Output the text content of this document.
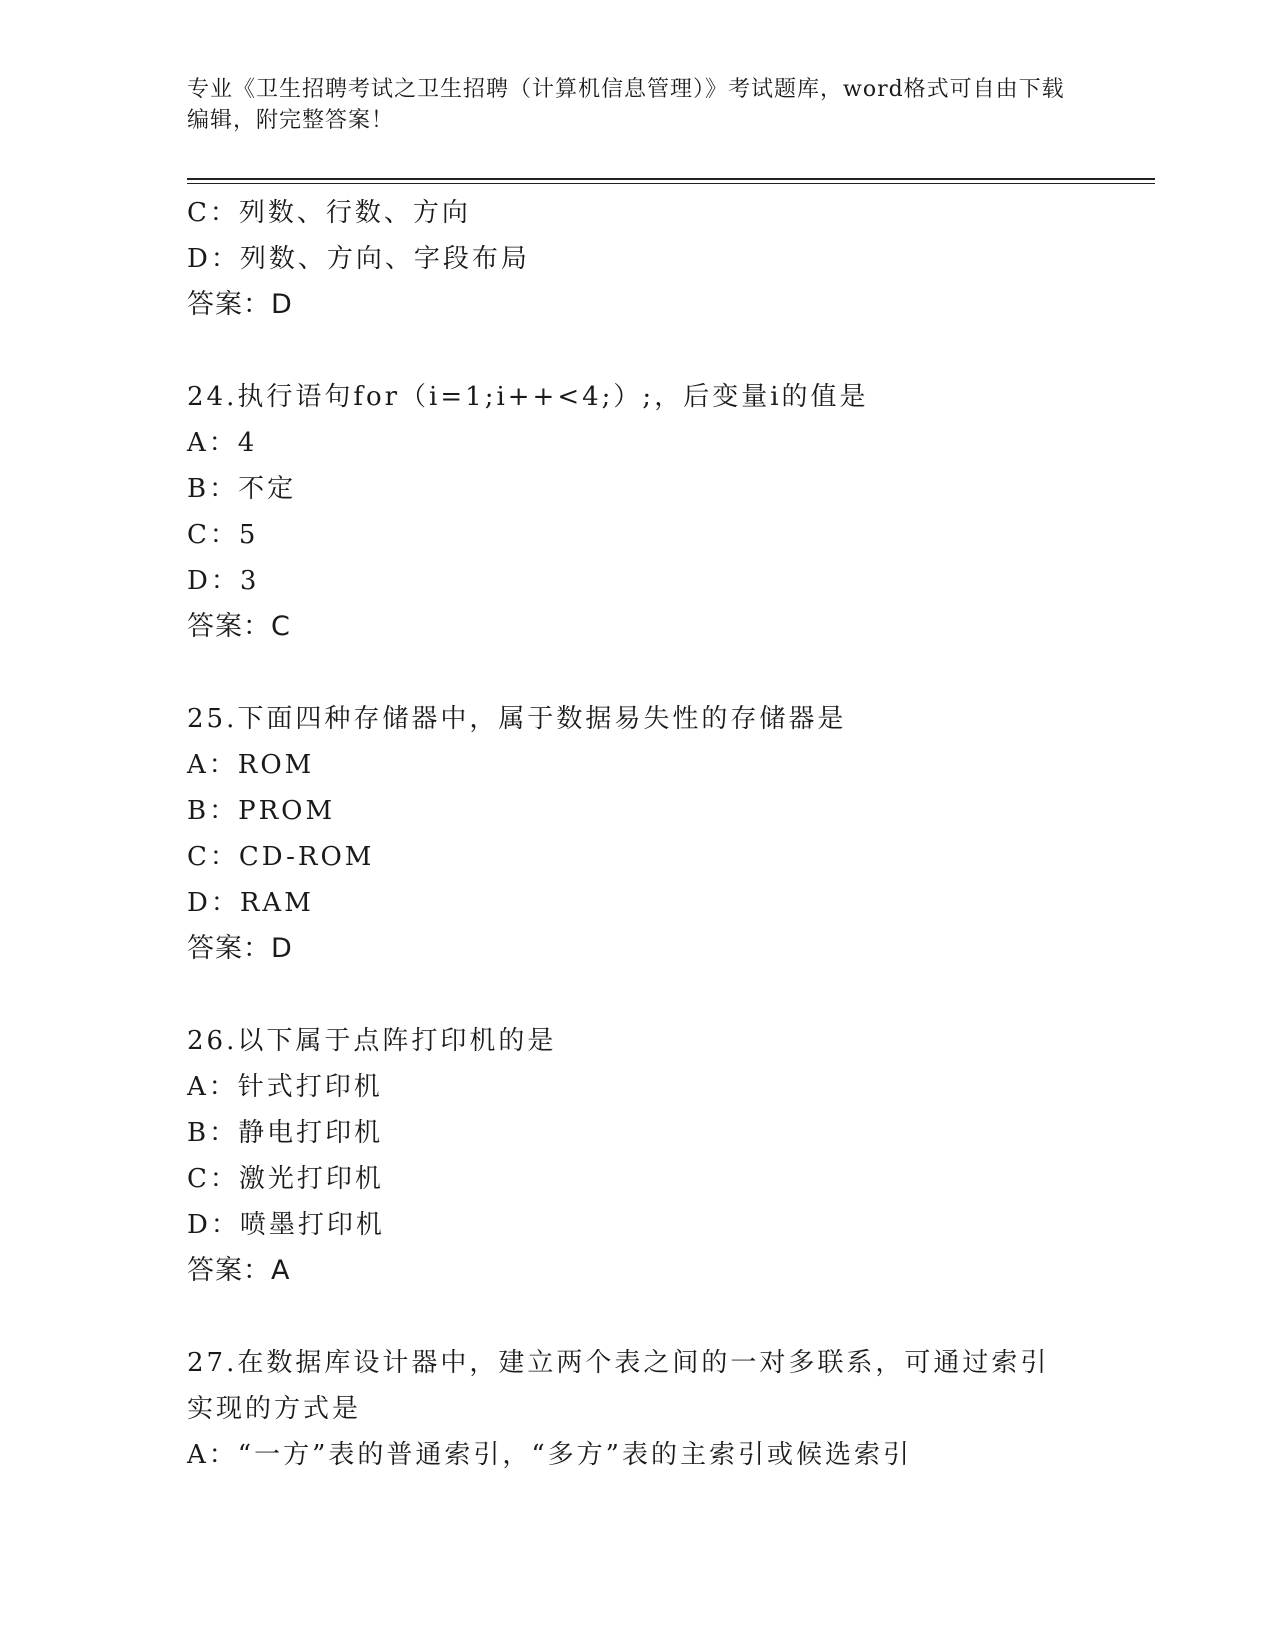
专业《卫生招聘考试之卫生招聘（计算机信息管理）》考试题库，word格式可自由下载编辑，附完整答案！
C：列数、行数、方向
D：列数、方向、字段布局
答案：D
24.执行语句for（i=1;i++<4;）;，后变量i的值是
A：4
B：不定
C：5
D：3
答案：C
25.下面四种存储器中，属于数据易失性的存储器是
A：ROM
B：PROM
C：CD-ROM
D：RAM
答案：D
26.以下属于点阵打印机的是
A：针式打印机
B：静电打印机
C：激光打印机
D：喷墨打印机
答案：A
27.在数据库设计器中，建立两个表之间的一对多联系，可通过索引实现的方式是
A：“一方”表的普通索引，“多方”表的主索引或候选索引
